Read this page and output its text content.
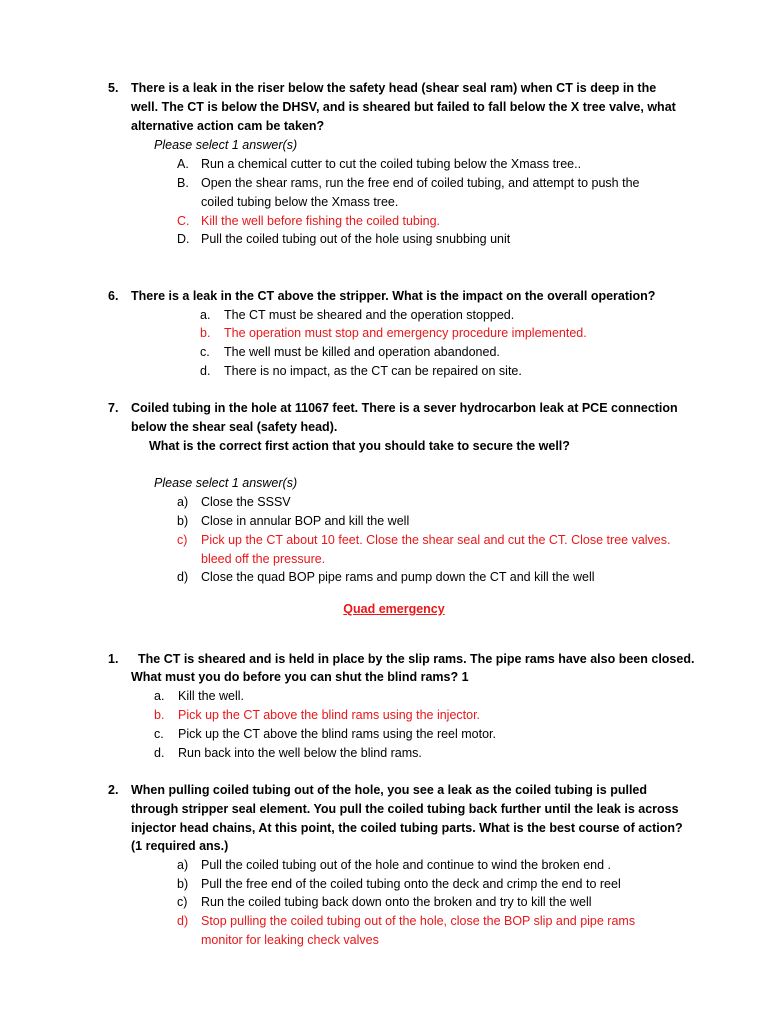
5. There is a leak in the riser below the safety head (shear seal ram) when CT is deep in the
well. The CT is below the DHSV, and is sheared but failed to fall below the X tree valve, what
alternative action cam be taken?
Please select 1 answer(s)
A. Run a chemical cutter to cut the coiled tubing below the Xmass tree..
B. Open the shear rams, run the free end of coiled tubing, and attempt to push the
coiled tubing below the Xmass tree.
C. Kill the well before fishing the coiled tubing.
D. Pull the coiled tubing out of the hole using snubbing unit
6. There is a leak in the CT above the stripper. What is the impact on the overall operation?
a. The CT must be sheared and the operation stopped.
b. The operation must stop and emergency procedure implemented.
c. The well must be killed and operation abandoned.
d. There is no impact, as the CT can be repaired on site.
7. Coiled tubing in the hole at 11067 feet. There is a sever hydrocarbon leak at PCE connection
below the shear seal (safety head).
What is the correct first action that you should take to secure the well?
Please select 1 answer(s)
a) Close the SSSV
b) Close in annular BOP and kill the well
c) Pick up the CT about 10 feet. Close the shear seal and cut the CT. Close tree valves.
bleed off the pressure.
d) Close the quad BOP pipe rams and pump down the CT and kill the well
Quad emergency
1. The CT is sheared and is held in place by the slip rams. The pipe rams have also been closed.
What must you do before you can shut the blind rams? 1
a. Kill the well.
b. Pick up the CT above the blind rams using the injector.
c. Pick up the CT above the blind rams using the reel motor.
d. Run back into the well below the blind rams.
2. When pulling coiled tubing out of the hole, you see a leak as the coiled tubing is pulled
through stripper seal element. You pull the coiled tubing back further until the leak is across
injector head chains, At this point, the coiled tubing parts. What is the best course of action?
(1 required ans.)
a) Pull the coiled tubing out of the hole and continue to wind the broken end .
b) Pull the free end of the coiled tubing onto the deck and crimp the end to reel
c) Run the coiled tubing back down onto the broken and try to kill the well
d) Stop pulling the coiled tubing out of the hole, close the BOP slip and pipe rams
monitor for leaking check valves
